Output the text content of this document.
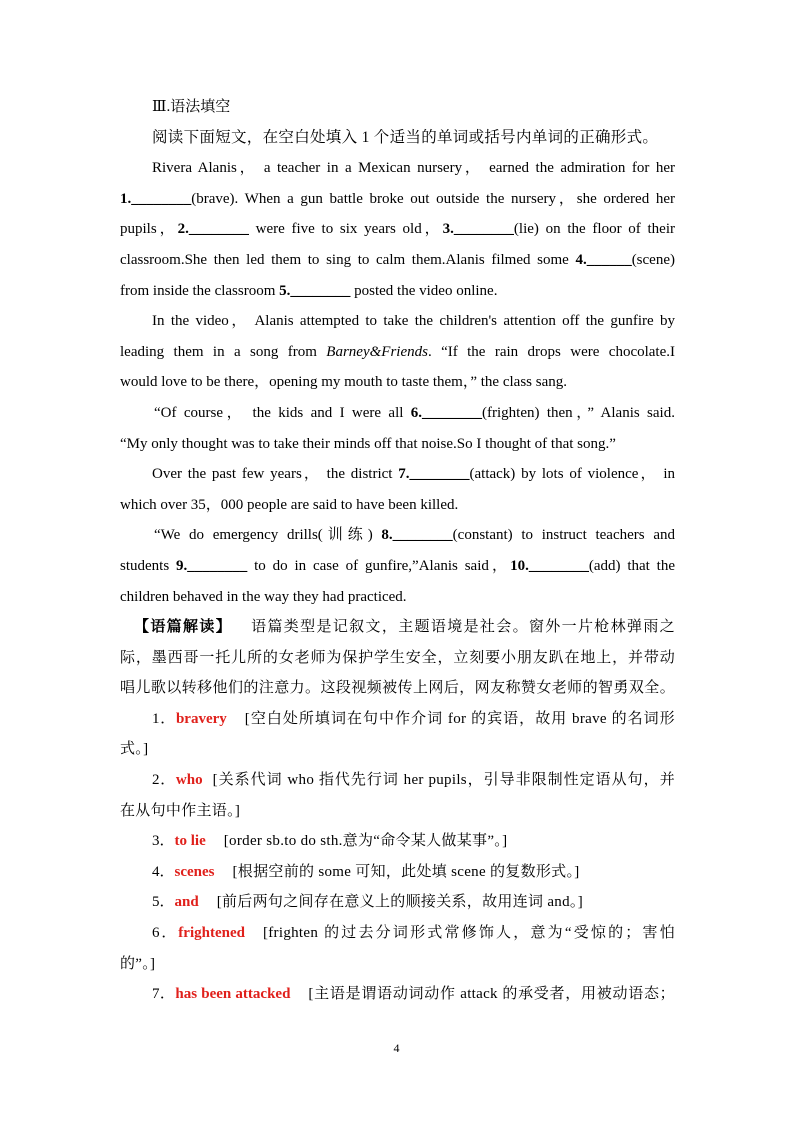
Ⅲ.语法填空

阅读下面短文，在空白处填入 1 个适当的单词或括号内单词的正确形式。

Rivera Alanis， a teacher in a Mexican nursery， earned the admiration for her

1.________(brave). When a gun battle broke out outside the nursery，she ordered her

pupils，2.________ were five to six years old，3.________(lie) on the floor of their

classroom.She then led them to sing to calm them.Alanis filmed some 4.______(scene)

from inside the classroom 5.________ posted the video online.

In the video， Alanis attempted to take the children's attention off the gunfire by

leading them in a song from Barney&Friends. “If the rain drops were chocolate.I

would love to be there，opening my mouth to taste them，” the class sang.

“Of course， the kids and I were all 6.________(frighten) then，” Alanis said.

“My only thought was to take their minds off that noise.So I thought of that song.”

Over the past few years， the district 7.________(attack) by lots of violence， in

which over 35，000 people are said to have been killed.

“We do emergency drills(训练) 8.________(constant) to instruct teachers and

students 9.________ to do in case of gunfire,”Alanis said，10.________(add) that the

children behaved in the way they had practiced.

【语篇解读】 语篇类型是记叙文，主题语境是社会。窗外一片枪林弹雨之

际，墨西哥一托儿所的女老师为保护学生安全，立刻要小朋友趴在地上，并带动

唱儿歌以转移他们的注意力。这段视频被传上网后，网友称赞女老师的智勇双全。

1．bravery [空白处所填词在句中作介词 for 的宾语，故用 brave 的名词形

式。]

2．who [关系代词 who 指代先行词 her pupils，引导非限制性定语从句，并

在从句中作主语。]

3．to lie [order sb.to do sth.意为“命令某人做某事”。]

4．scenes [根据空前的 some 可知，此处填 scene 的复数形式。]

5．and [前后两句之间存在意义上的顺接关系，故用连词 and。]

6．frightened [frighten 的过去分词形式常修饰人，意为“受惊的；害怕

的”。]

7．has been attacked [主语是谓语动词动作 attack 的承受者，用被动语态；

4
